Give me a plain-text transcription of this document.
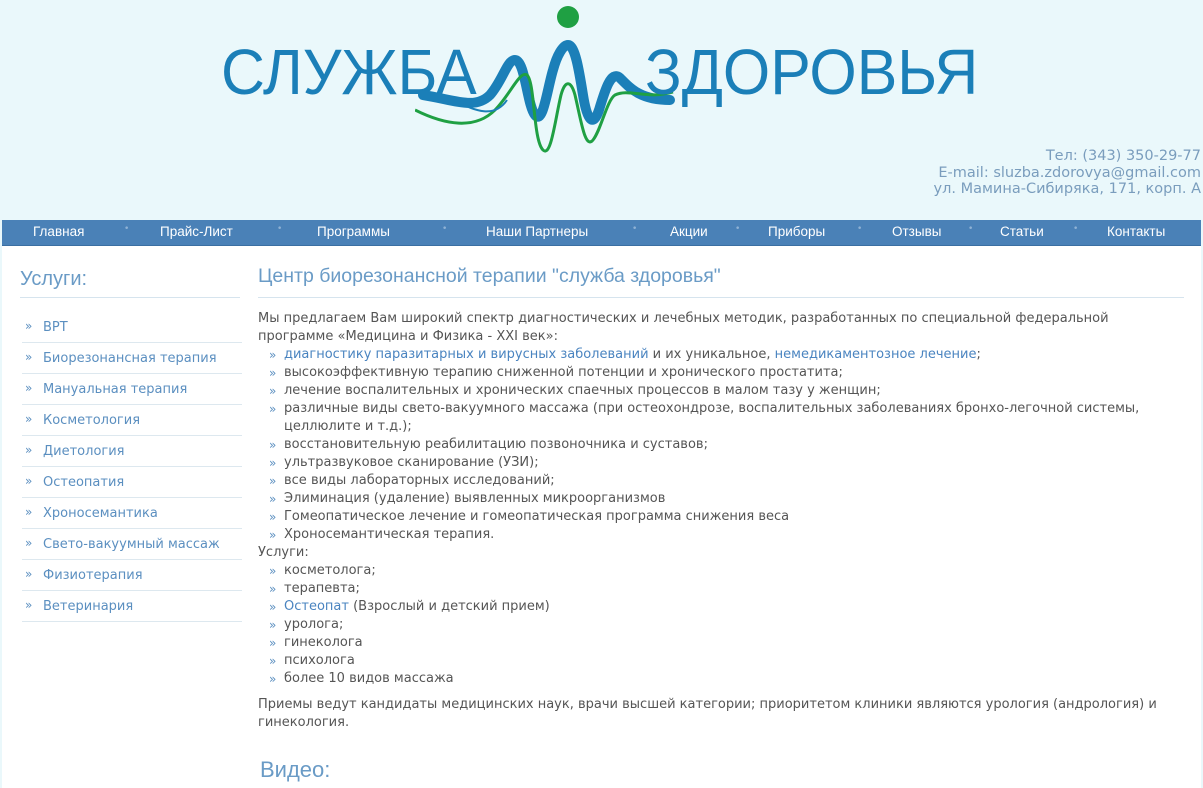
СЛУЖБА	ЗДОРОВЬЯ
Тел: (343) 350-29-77
E-mail: sluzba.zdorovya@gmail.com
ул. Мамина-Сибиряка, 171, корп. А
Главная	• Прайс-Лист	•	Программы	•	Наши Партнеры	• Акции	• Приборы	• Отзывы	• Статьи	• Контакты
Услуги:
» ВРТ
» Биорезонансная терапия
» Мануальная терапия
» Косметология
» Диетология
» Остеопатия
» Хроносемантика
» Свето-вакуумный массаж
» Физиотерапия
» Ветеринария
Центр биорезонансной терапии "служба здоровья"

Мы предлагаем Вам широкий спектр диагностических и лечебных методик, разработанных по специальной федеральной программе «Медицина и Физика - XXI век»:

» диагностику паразитарных и вирусных заболеваний и их уникальное, немедикаментозное лечение;
» высокоэффективную терапию сниженной потенции и хронического простатита;
» лечение воспалительных и хронических спаечных процессов в малом тазу у женщин;
» различные виды свето-вакуумного массажа (при остеохондрозе, воспалительных заболеваниях бронхо-легочной системы, целлюлите и т.д.);
» восстановительную реабилитацию позвоночника и суставов;
» ультразвуковое сканирование (УЗИ);
» все виды лабораторных исследований;
» Элиминация (удаление) выявленных микроорганизмов
» Гомеопатическое лечение и гомеопатическая программа снижения веса
» Хроносемантическая терапия.

Услуги:

» косметолога;
» терапевта;
» Остеопат (Взрослый и детский прием)
» уролога;
» гинеколога
» психолога
» более 10 видов массажа

Приемы ведут кандидаты медицинских наук, врачи высшей категории; приоритетом клиники являются урология (андрология) и гинекология.

Видео:
